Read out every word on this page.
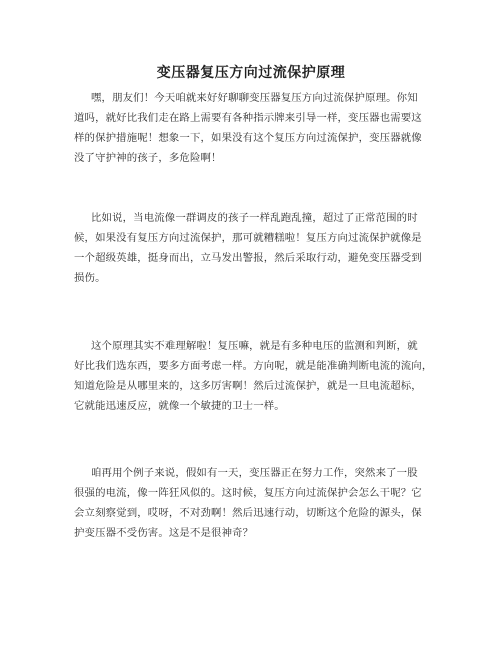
变压器复压方向过流保护原理
嘿，朋友们！今天咱就来好好聊聊变压器复压方向过流保护原理。你知
道吗，就好比我们走在路上需要有各种指示牌来引导一样，变压器也需要这
样的保护措施呢！想象一下，如果没有这个复压方向过流保护，变压器就像
没了守护神的孩子，多危险啊！
比如说，当电流像一群调皮的孩子一样乱跑乱撞，超过了正常范围的时
候，如果没有复压方向过流保护，那可就糟糕啦！复压方向过流保护就像是
一个超级英雄，挺身而出，立马发出警报，然后采取行动，避免变压器受到
损伤。
这个原理其实不难理解啦！复压嘛，就是有多种电压的监测和判断，就
好比我们选东西，要多方面考虑一样。方向呢，就是能准确判断电流的流向，
知道危险是从哪里来的，这多厉害啊！然后过流保护，就是一旦电流超标，
它就能迅速反应，就像一个敏捷的卫士一样。
咱再用个例子来说，假如有一天，变压器正在努力工作，突然来了一股
很强的电流，像一阵狂风似的。这时候，复压方向过流保护会怎么干呢？它
会立刻察觉到，哎呀，不对劲啊！然后迅速行动，切断这个危险的源头，保
护变压器不受伤害。这是不是很神奇？
